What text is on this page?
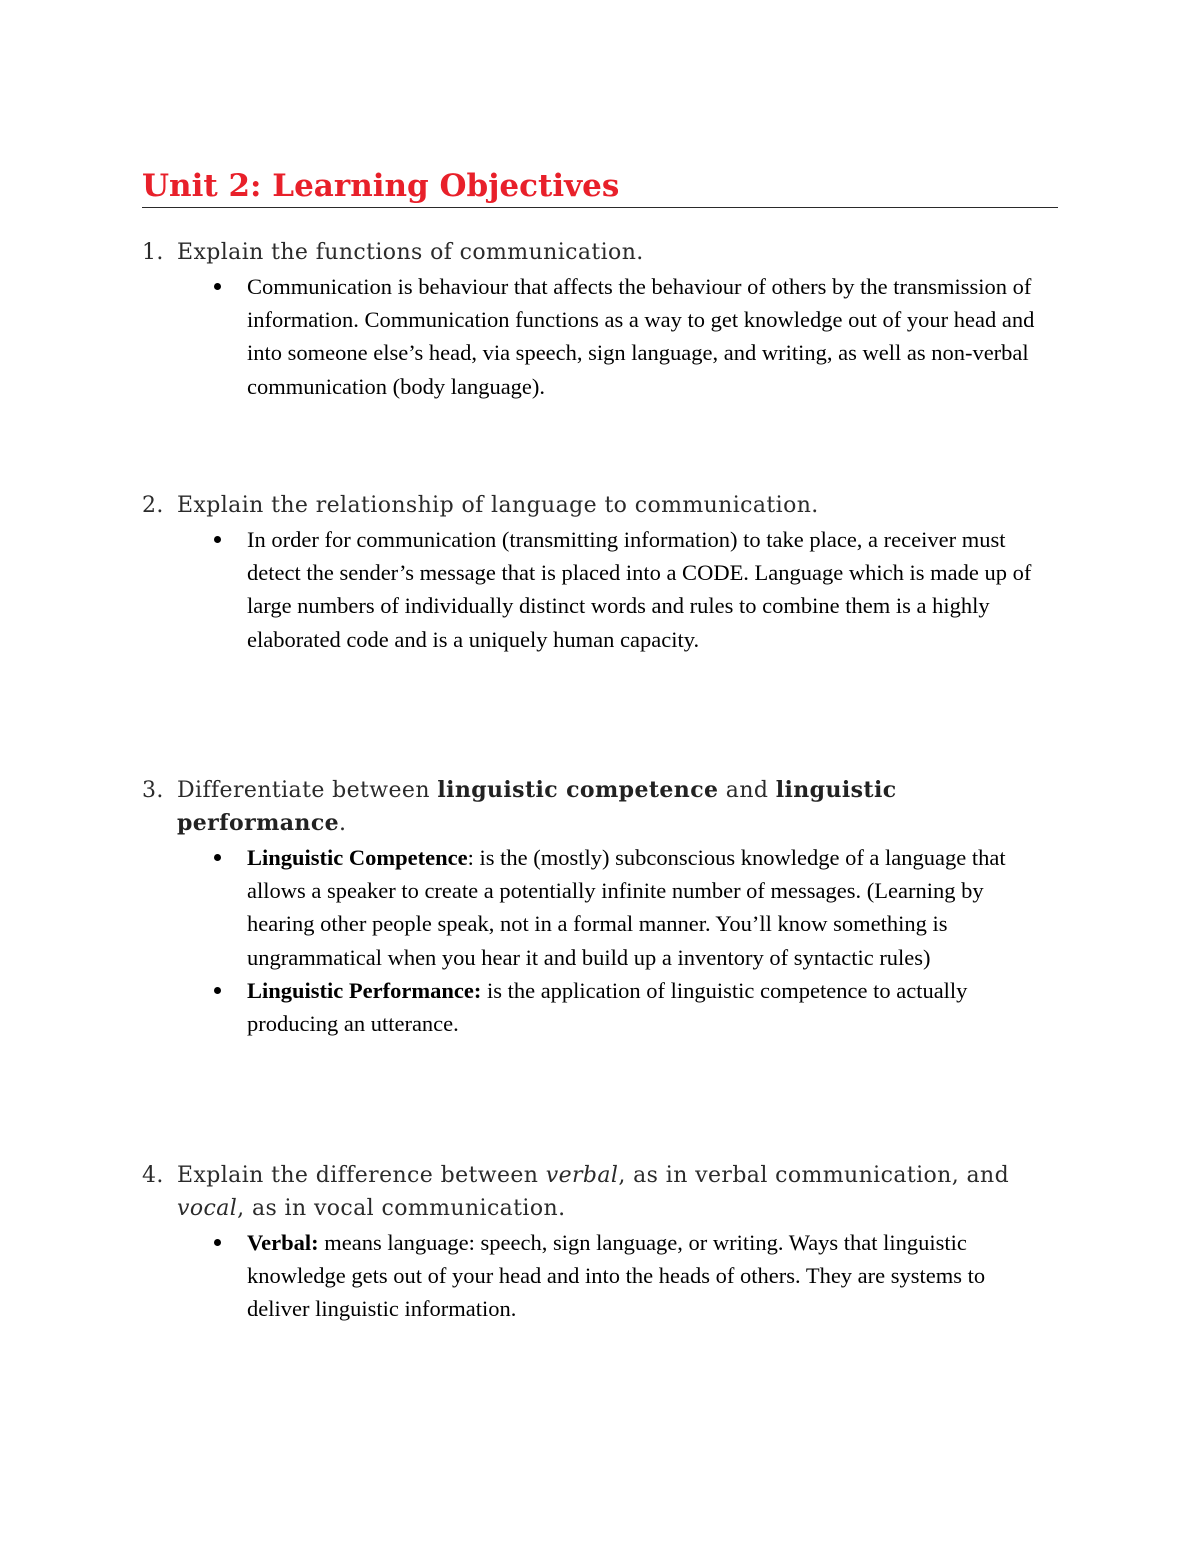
Unit 2: Learning Objectives
1. Explain the functions of communication.
Communication is behaviour that affects the behaviour of others by the transmission of information. Communication functions as a way to get knowledge out of your head and into someone else’s head, via speech, sign language, and writing, as well as non-verbal communication (body language).
2. Explain the relationship of language to communication.
In order for communication (transmitting information) to take place, a receiver must detect the sender’s message that is placed into a CODE. Language which is made up of large numbers of individually distinct words and rules to combine them is a highly elaborated code and is a uniquely human capacity.
3. Differentiate between linguistic competence and linguistic performance.
Linguistic Competence: is the (mostly) subconscious knowledge of a language that allows a speaker to create a potentially infinite number of messages. (Learning by hearing other people speak, not in a formal manner. You’ll know something is ungrammatical when you hear it and build up a inventory of syntactic rules)
Linguistic Performance: is the application of linguistic competence to actually producing an utterance.
4. Explain the difference between verbal, as in verbal communication, and vocal, as in vocal communication.
Verbal: means language: speech, sign language, or writing. Ways that linguistic knowledge gets out of your head and into the heads of others. They are systems to deliver linguistic information.
